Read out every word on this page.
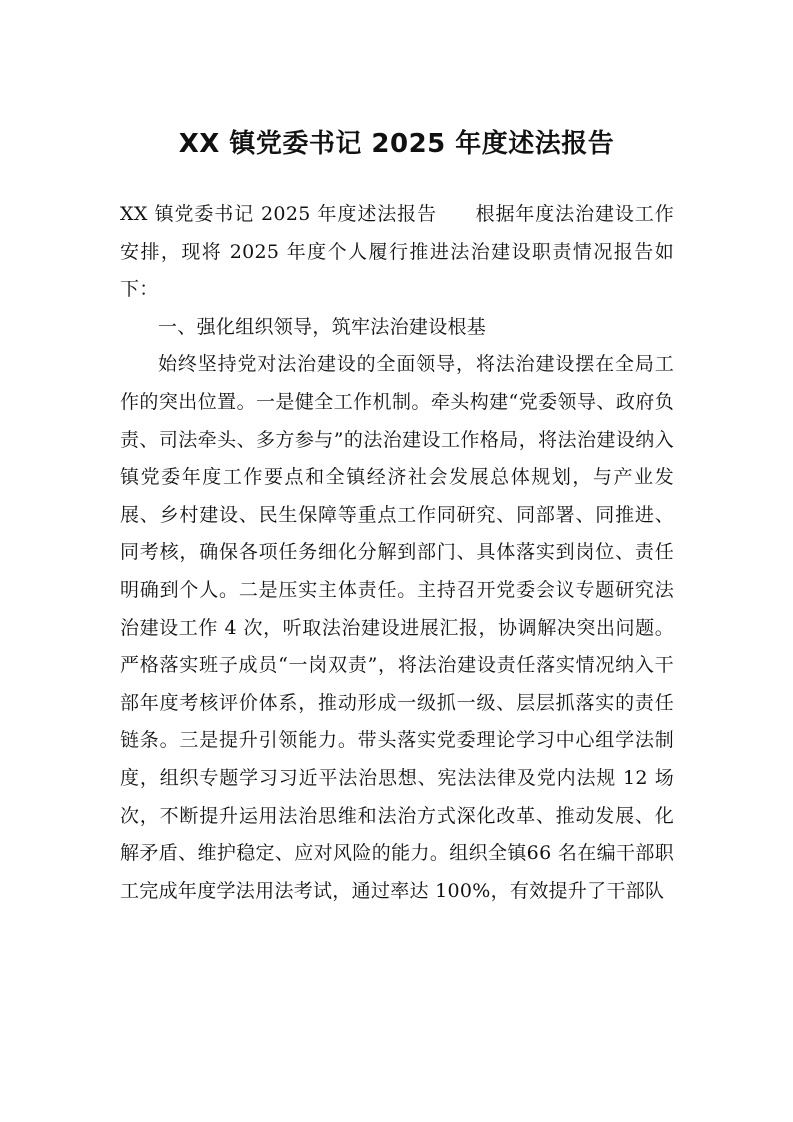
XX 镇党委书记 2025 年度述法报告

XX 镇党委书记 2025 年度述法报告 根据年度法治建设工作安排，现将 2025 年度个人履行推进法治建设职责情况报告如下：

一、强化组织领导，筑牢法治建设根基

始终坚持党对法治建设的全面领导，将法治建设摆在全局工作的突出位置。一是健全工作机制。牵头构建“党委领导、政府负责、司法牵头、多方参与”的法治建设工作格局，将法治建设纳入镇党委年度工作要点和全镇经济社会发展总体规划，与产业发展、乡村建设、民生保障等重点工作同研究、同部署、同推进、同考核，确保各项任务细化分解到部门、具体落实到岗位、责任明确到个人。二是压实主体责任。主持召开党委会议专题研究法治建设工作 4 次，听取法治建设进展汇报，协调解决突出问题。严格落实班子成员“一岗双责”，将法治建设责任落实情况纳入干部年度考核评价体系，推动形成一级抓一级、层层抓落实的责任链条。三是提升引领能力。带头落实党委理论学习中心组学法制度，组织专题学习习近平法治思想、宪法法律及党内法规 12 场次，不断提升运用法治思维和法治方式深化改革、推动发展、化解矛盾、维护稳定、应对风险的能力。组织全镇66 名在编干部职工完成年度学法用法考试，通过率达 100%，有效提升了干部队
